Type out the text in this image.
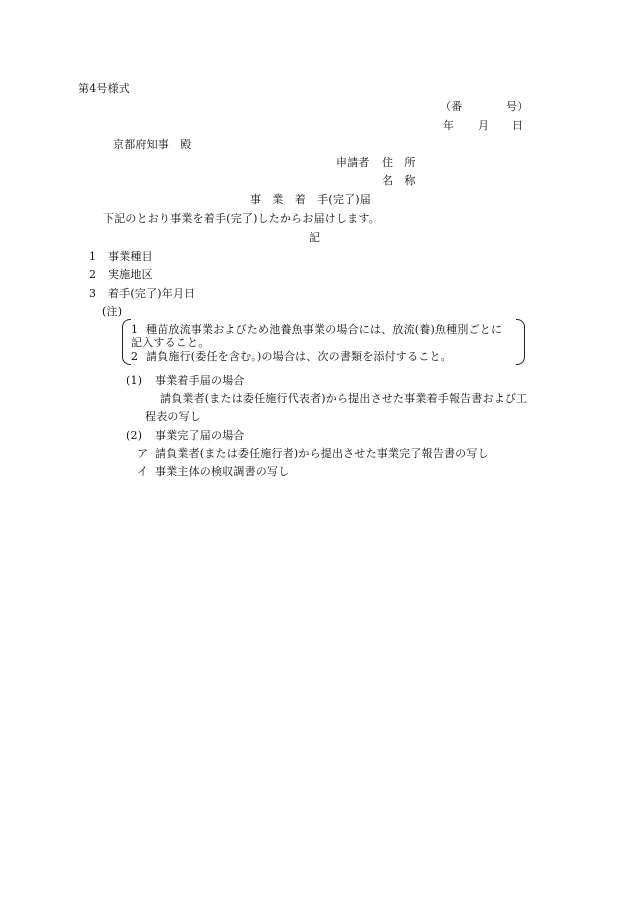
第4号様式
（番	号）
年 月 日
京都府知事　殿
申請者 住　所
名　称
事　業　着　手(完了)届
下記のとおり事業を着手(完了)したからお届けします。
記
1 事業種目
2 実施地区
3 着手(完了)年月日
(注)
1 種苗放流事業およびため池養魚事業の場合には、放流(養)魚種別ごとに
記入すること。
2 請負施行(委任を含む。)の場合は、次の書類を添付すること。
(1) 事業着手届の場合
請負業者(または委任施行代表者)から提出させた事業着手報告書および工
程表の写し
(2) 事業完了届の場合
ア 請負業者(または委任施行者)から提出させた事業完了報告書の写し
イ 事業主体の検収調書の写し
